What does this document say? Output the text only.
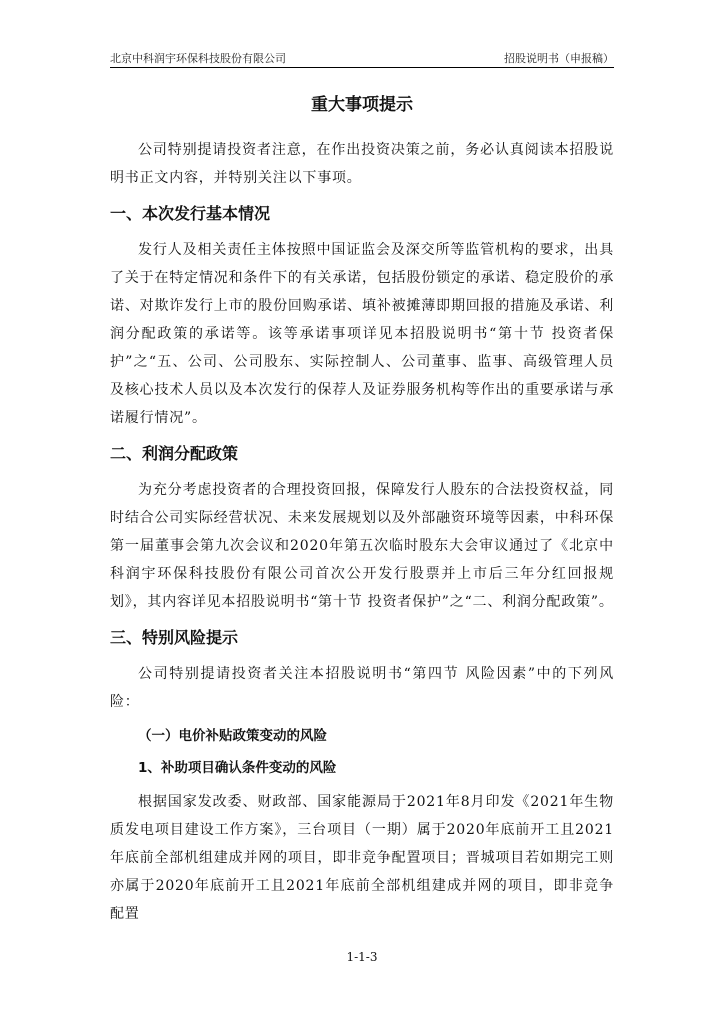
北京中科润宇环保科技股份有限公司	招股说明书（申报稿）
重大事项提示

公司特别提请投资者注意，在作出投资决策之前，务必认真阅读本招股说明书正文内容，并特别关注以下事项。

一、本次发行基本情况

发行人及相关责任主体按照中国证监会及深交所等监管机构的要求，出具了关于在特定情况和条件下的有关承诺，包括股份锁定的承诺、稳定股价的承诺、对欺诈发行上市的股份回购承诺、填补被摊薄即期回报的措施及承诺、利润分配政策的承诺等。该等承诺事项详见本招股说明书“第十节 投资者保护”之“五、公司、公司股东、实际控制人、公司董事、监事、高级管理人员及核心技术人员以及本次发行的保荐人及证券服务机构等作出的重要承诺与承诺履行情况”。

二、利润分配政策

为充分考虑投资者的合理投资回报，保障发行人股东的合法投资权益，同时结合公司实际经营状况、未来发展规划以及外部融资环境等因素，中科环保第一届董事会第九次会议和2020年第五次临时股东大会审议通过了《北京中科润宇环保科技股份有限公司首次公开发行股票并上市后三年分红回报规划》，其内容详见本招股说明书“第十节 投资者保护”之“二、利润分配政策”。

三、特别风险提示

公司特别提请投资者关注本招股说明书“第四节 风险因素”中的下列风险：

（一）电价补贴政策变动的风险
1、补助项目确认条件变动的风险

根据国家发改委、财政部、国家能源局于2021年8月印发《2021年生物质发电项目建设工作方案》，三台项目（一期）属于2020年底前开工且2021年底前全部机组建成并网的项目，即非竞争配置项目；晋城项目若如期完工则亦属于2020年底前开工且2021年底前全部机组建成并网的项目，即非竞争配置

1-1-3
